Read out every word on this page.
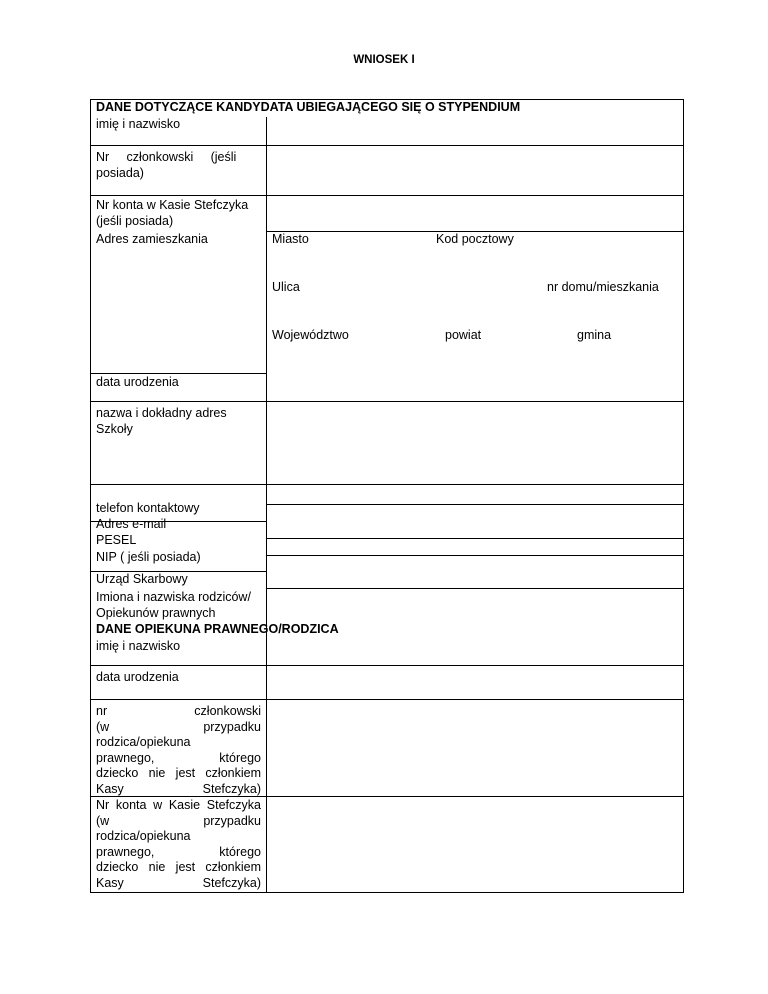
WNIOSEK I
DANE DOTYCZĄCE KANDYDATA UBIEGAJĄCEGO SIĘ O STYPENDIUM
imię i nazwisko
Nr     członkowski     (jeśli
posiada)
Nr konta w Kasie Stefczyka
(jeśli posiada)
Adres zamieszkania	Miasto	Kod pocztowy
Ulica	nr domu/mieszkania
Województwo	powiat	gmina
data urodzenia
nazwa i dokładny adres
Szkoły
telefon kontaktowy
Adres e-mail
PESEL
NIP ( jeśli posiada)
Urząd Skarbowy
Imiona i nazwiska rodziców/
Opiekunów prawnych
DANE OPIEKUNA PRAWNEGO/RODZICA
imię i nazwisko
data urodzenia
nr członkowski
(w przypadku
rodzica/opiekuna
prawnego, którego
dziecko nie jest członkiem
Kasy Stefczyka)
Nr konta w Kasie Stefczyka
(w przypadku
rodzica/opiekuna
prawnego, którego
dziecko nie jest członkiem
Kasy Stefczyka)
